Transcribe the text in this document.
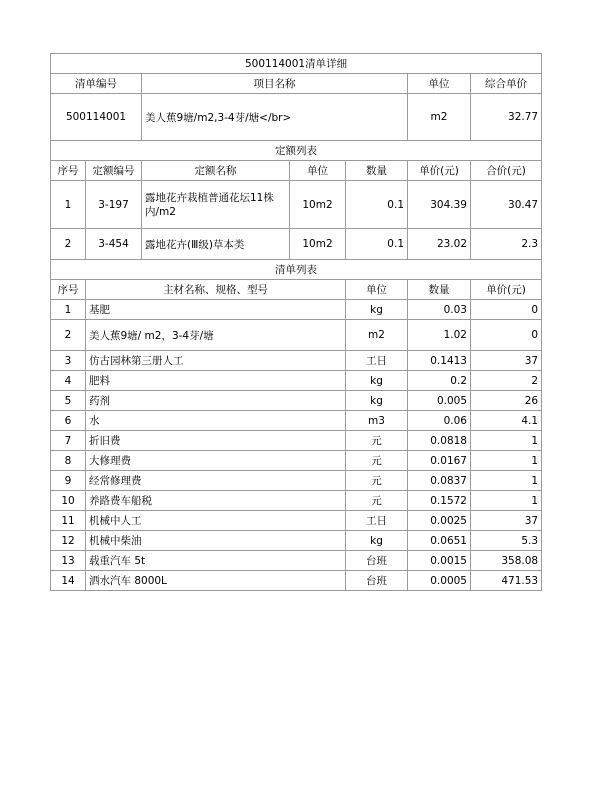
500114001清单详细							
清单编号		项目名称			单位	综合单价	
500114001		美人蕉9塘/m2,3-4芽/塘</br>			m2	32.77	
定额列表							
序号	定额编号	定额名称	单位	数量	单价(元)	合价(元)	
1	3-197	露地花卉栽植普通花坛11株内/m2	10m2	0.1	304.39	30.47	
2	3-454	露地花卉(Ⅲ级)草本类	10m2	0.1	23.02	2.3	
清单列表							
序号	主材名称、规格、型号			单位	数量	单价(元)	
1	基肥			kg	0.03	0	
2	美人蕉9塘/ m2，3-4芽/塘			m2	1.02	0	
3	仿古园林第三册人工			工日	0.1413	37	
4	肥料			kg	0.2	2	
5	药剂			kg	0.005	26	
6	水			m3	0.06	4.1	
7	折旧费			元	0.0818	1	
8	大修理费			元	0.0167	1	
9	经常修理费			元	0.0837	1	
10	养路费车船税			元	0.1572	1	
11	机械中人工			工日	0.0025	37	
12	机械中柴油			kg	0.0651	5.3	
13	载重汽车 5t			台班	0.0015	358.08	
14	洒水汽车 8000L			台班	0.0005	471.53	
